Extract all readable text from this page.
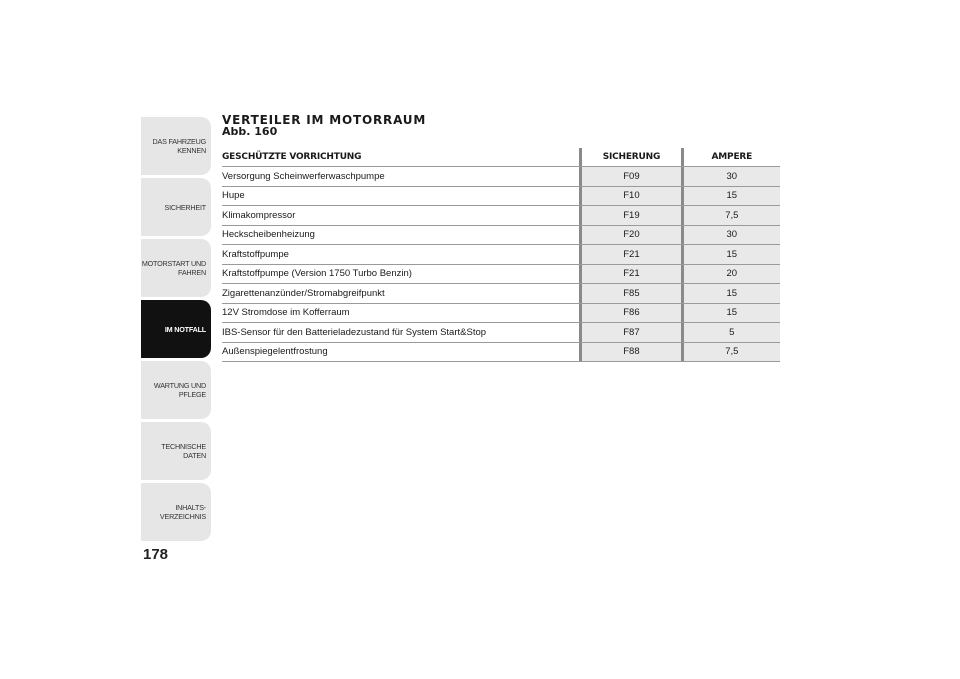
DAS FAHRZEUG
KENNEN
SICHERHEIT
MOTORSTART UND
FAHREN
IM NOTFALL
WARTUNG UND
PFLEGE
TECHNISCHE DATEN
INHALTS-
VERZEICHNIS
178
VERTEILER IM MOTORRAUM
Abb. 160
GESCHÜTZTE VORRICHTUNG		SICHERUNG		AMPERE
Versorgung Scheinwerferwaschpumpe		F09		30
Hupe		F10		15
Klimakompressor		F19		7,5
Heckscheibenheizung		F20		30
Kraftstoffpumpe		F21		15
Kraftstoffpumpe (Version 1750 Turbo Benzin)		F21		20
Zigarettenanzünder/Stromabgreifpunkt		F85		15
12V Stromdose im Kofferraum		F86		15
IBS-Sensor für den Batterieladezustand für System Start&Stop		F87		5
Außenspiegelentfrostung		F88		7,5
